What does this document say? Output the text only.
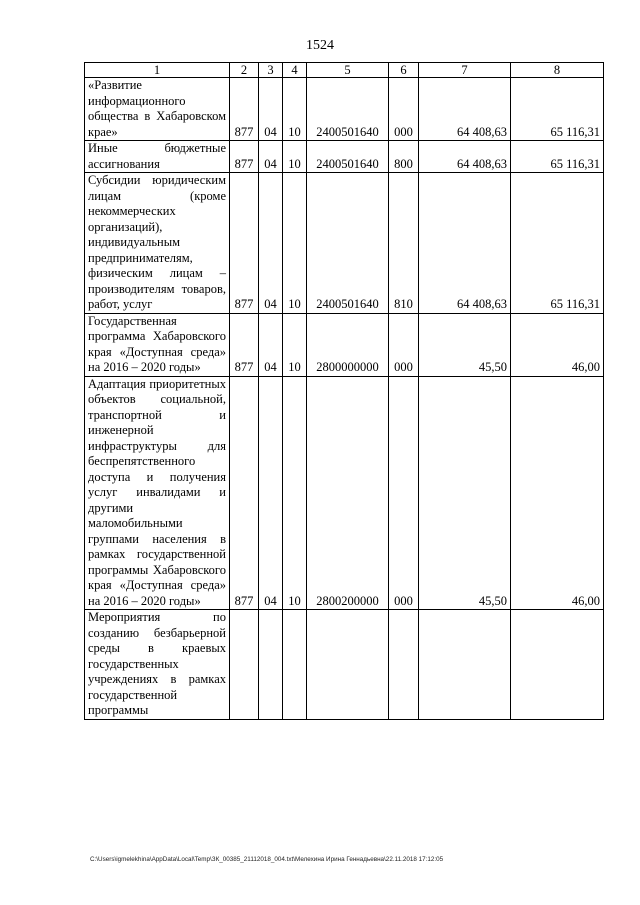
1524
1	2	3	4	5	6	7	8
«Развитие информационного общества в Хабаровском крае»	877	04	10	2400501640	000	64 408,63	65 116,31
Иные бюджетные ассигнования	877	04	10	2400501640	800	64 408,63	65 116,31
Субсидии юридическим лицам (кроме некоммерческих организаций), индивидуальным предпринимателям, физическим лицам – производителям товаров, работ, услуг	877	04	10	2400501640	810	64 408,63	65 116,31
Государственная программа Хабаровского края «Доступная среда» на 2016 – 2020 годы»	877	04	10	2800000000	000	45,50	46,00
Адаптация приоритетных объектов социальной, транспортной и инженерной инфраструктуры для беспрепятственного доступа и получения услуг инвалидами и другими маломобильными группами населения в рамках государственной программы Хабаровского края «Доступная среда» на 2016 – 2020 годы»	877	04	10	2800200000	000	45,50	46,00
Мероприятия по созданию безбарьерной среды в краевых государственных учреждениях в рамках государственной программы							
C:\Users\igmelekhina\AppData\Local\Temp\ЗК_00385_21112018_004.txt\Мелехина Ирина Геннадьевна\22.11.2018 17:12:05
